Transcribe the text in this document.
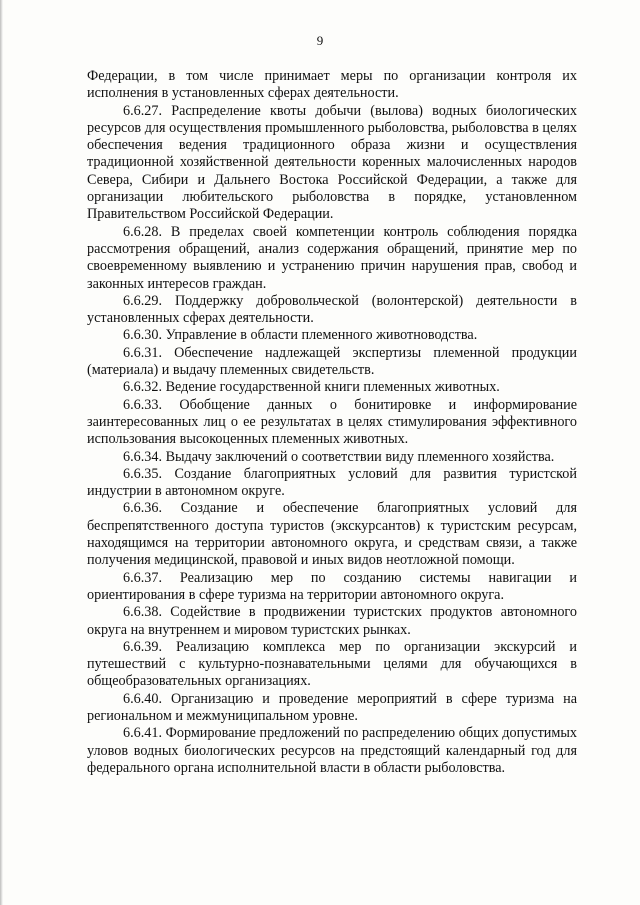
9

Федерации, в том числе принимает меры по организации контроля их исполнения в установленных сферах деятельности.

6.6.27. Распределение квоты добычи (вылова) водных биологических ресурсов для осуществления промышленного рыболовства, рыболовства в целях обеспечения ведения традиционного образа жизни и осуществления традиционной хозяйственной деятельности коренных малочисленных народов Севера, Сибири и Дальнего Востока Российской Федерации, а также для организации любительского рыболовства в порядке, установленном Правительством Российской Федерации.

6.6.28. В пределах своей компетенции контроль соблюдения порядка рассмотрения обращений, анализ содержания обращений, принятие мер по своевременному выявлению и устранению причин нарушения прав, свобод и законных интересов граждан.

6.6.29. Поддержку добровольческой (волонтерской) деятельности в установленных сферах деятельности.

6.6.30. Управление в области племенного животноводства.

6.6.31. Обеспечение надлежащей экспертизы племенной продукции (материала) и выдачу племенных свидетельств.

6.6.32. Ведение государственной книги племенных животных.

6.6.33. Обобщение данных о бонитировке и информирование заинтересованных лиц о ее результатах в целях стимулирования эффективного использования высокоценных племенных животных.

6.6.34. Выдачу заключений о соответствии виду племенного хозяйства.

6.6.35. Создание благоприятных условий для развития туристской индустрии в автономном округе.

6.6.36. Создание и обеспечение благоприятных условий для беспрепятственного доступа туристов (экскурсантов) к туристским ресурсам, находящимся на территории автономного округа, и средствам связи, а также получения медицинской, правовой и иных видов неотложной помощи.

6.6.37. Реализацию мер по созданию системы навигации и ориентирования в сфере туризма на территории автономного округа.

6.6.38. Содействие в продвижении туристских продуктов автономного округа на внутреннем и мировом туристских рынках.

6.6.39. Реализацию комплекса мер по организации экскурсий и путешествий с культурно-познавательными целями для обучающихся в общеобразовательных организациях.

6.6.40. Организацию и проведение мероприятий в сфере туризма на региональном и межмуниципальном уровне.

6.6.41. Формирование предложений по распределению общих допустимых уловов водных биологических ресурсов на предстоящий календарный год для федерального органа исполнительной власти в области рыболовства.
